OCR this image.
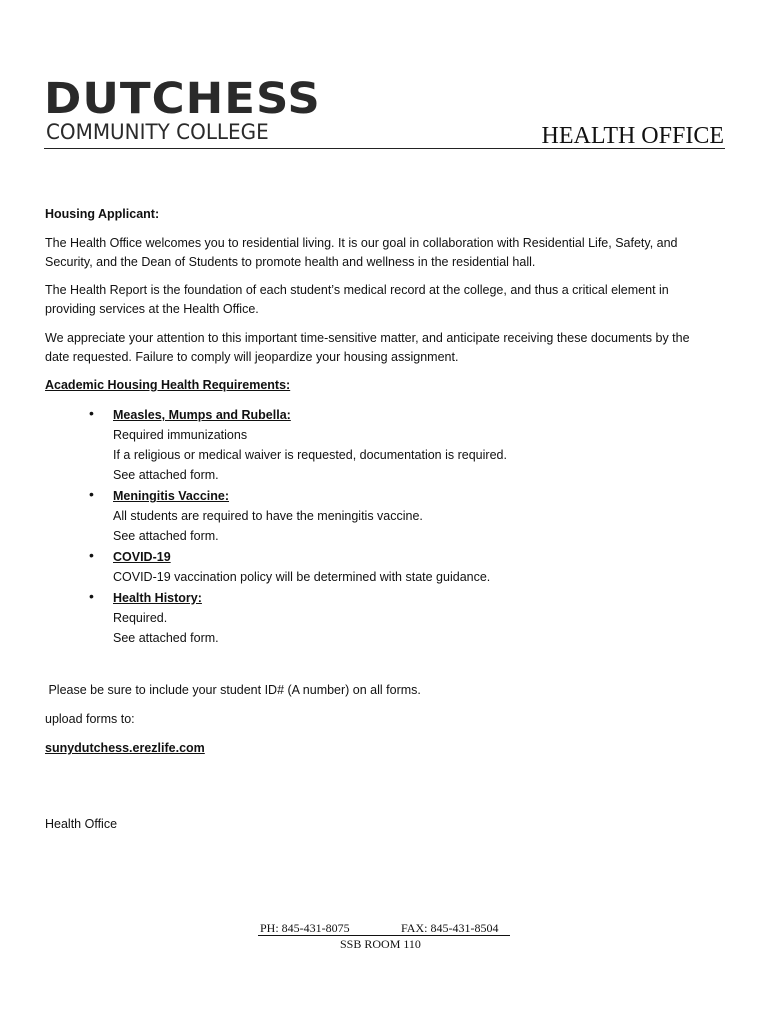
DUTCHESS
COMMUNITY COLLEGE	HEALTH OFFICE
Housing Applicant:
The Health Office welcomes you to residential living. It is our goal in collaboration with Residential Life, Safety, and
Security, and the Dean of Students to promote health and wellness in the residential hall.
The Health Report is the foundation of each student’s medical record at the college, and thus a critical element in
providing services at the Health Office.
We appreciate your attention to this important time-sensitive matter, and anticipate receiving these documents by the
date requested. Failure to comply will jeopardize your housing assignment.
Academic Housing Health Requirements:
• Measles, Mumps and Rubella:
Required immunizations
If a religious or medical waiver is requested, documentation is required.
See attached form.
• Meningitis Vaccine:
All students are required to have the meningitis vaccine.
See attached form.
• COVID-19
COVID-19 vaccination policy will be determined with state guidance.
• Health History:
Required.
See attached form.
Please be sure to include your student ID# (A number) on all forms.
upload forms to:
sunydutchess.erezlife.com
Health Office
PH: 845-431-8075	FAX: 845-431-8504
SSB ROOM 110
